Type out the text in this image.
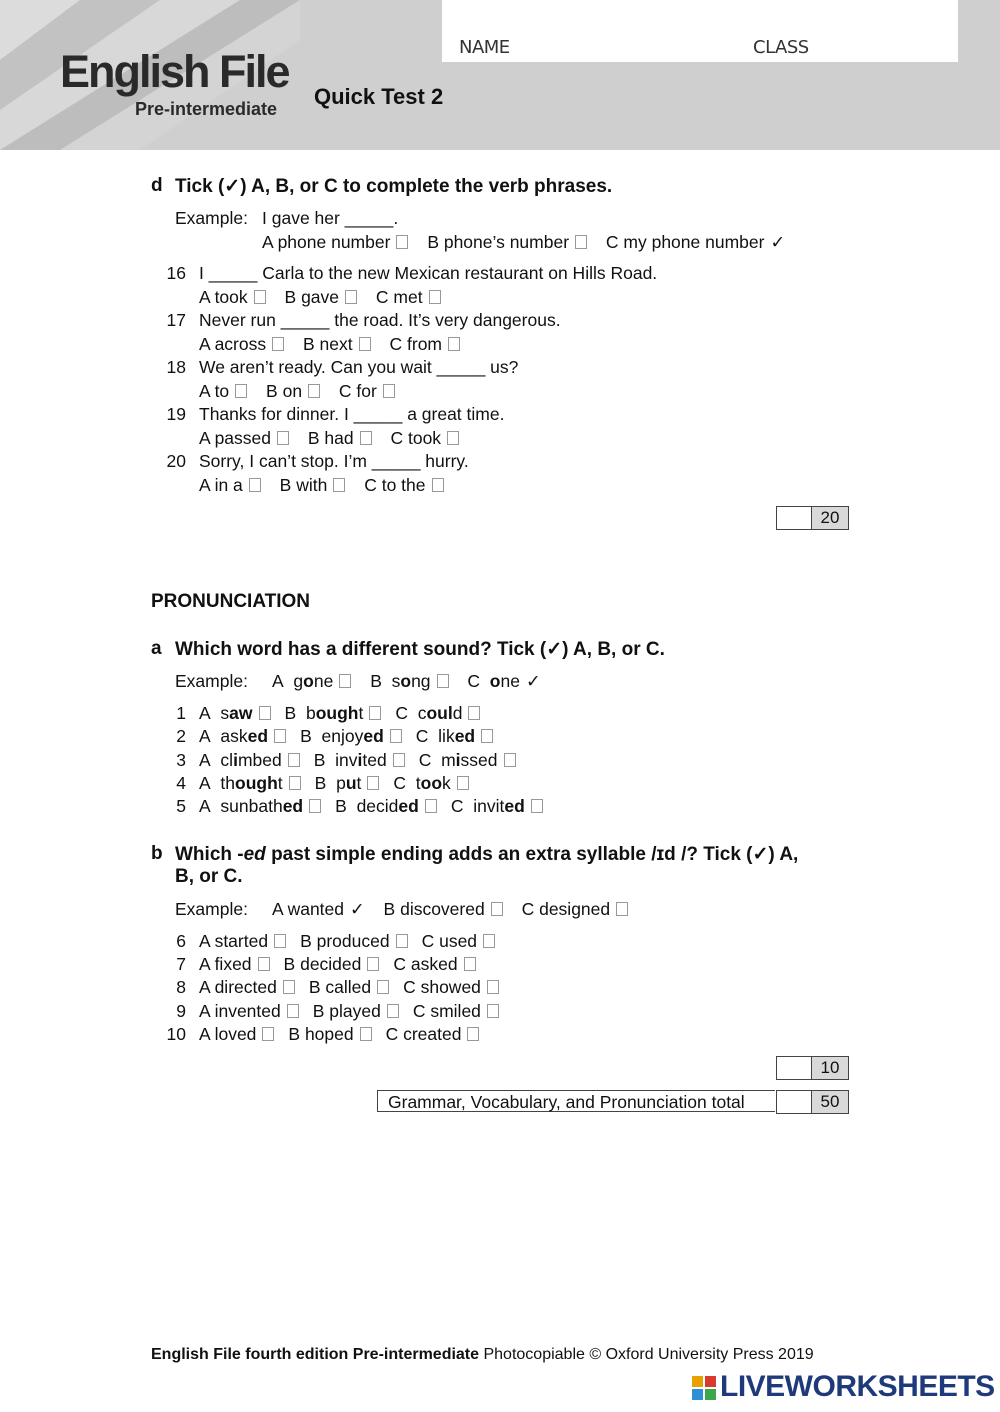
English File
Pre-intermediate Quick Test 2
NAME	CLASS
d Tick (✓) A, B, or C to complete the verb phrases.
Example: I gave her _____.
A phone number B phone’s number C my phone number ✓
16 I _____ Carla to the new Mexican restaurant on Hills Road.
A took B gave C met
17 Never run _____ the road. It’s very dangerous.
A across B next C from
18 We aren’t ready. Can you wait _____ us?
A to B on C for
19 Thanks for dinner. I _____ a great time.
A passed B had C took
20 Sorry, I can’t stop. I’m _____ hurry.
A in a B with C to the
20
PRONUNCIATION
a Which word has a different sound? Tick (✓) A, B, or C.
Example: A gone B song C one ✓
1 A saw B bought C could
2 A asked B enjoyed C liked
3 A climbed B invited C missed
4 A thought B put C took
5 A sunbathed B decided C invited
b Which -ed past simple ending adds an extra syllable /ɪd /? Tick (✓) A,
B, or C.
Example: A wanted ✓ B discovered C designed
6 A started B produced C used
7 A fixed B decided C asked
8 A directed B called C showed
9 A invented B played C smiled
10 A loved B hoped C created
10
Grammar, Vocabulary, and Pronunciation total	50
English File fourth edition Pre-intermediate Photocopiable © Oxford University Press 2019
LIVEWORKSHEETS
